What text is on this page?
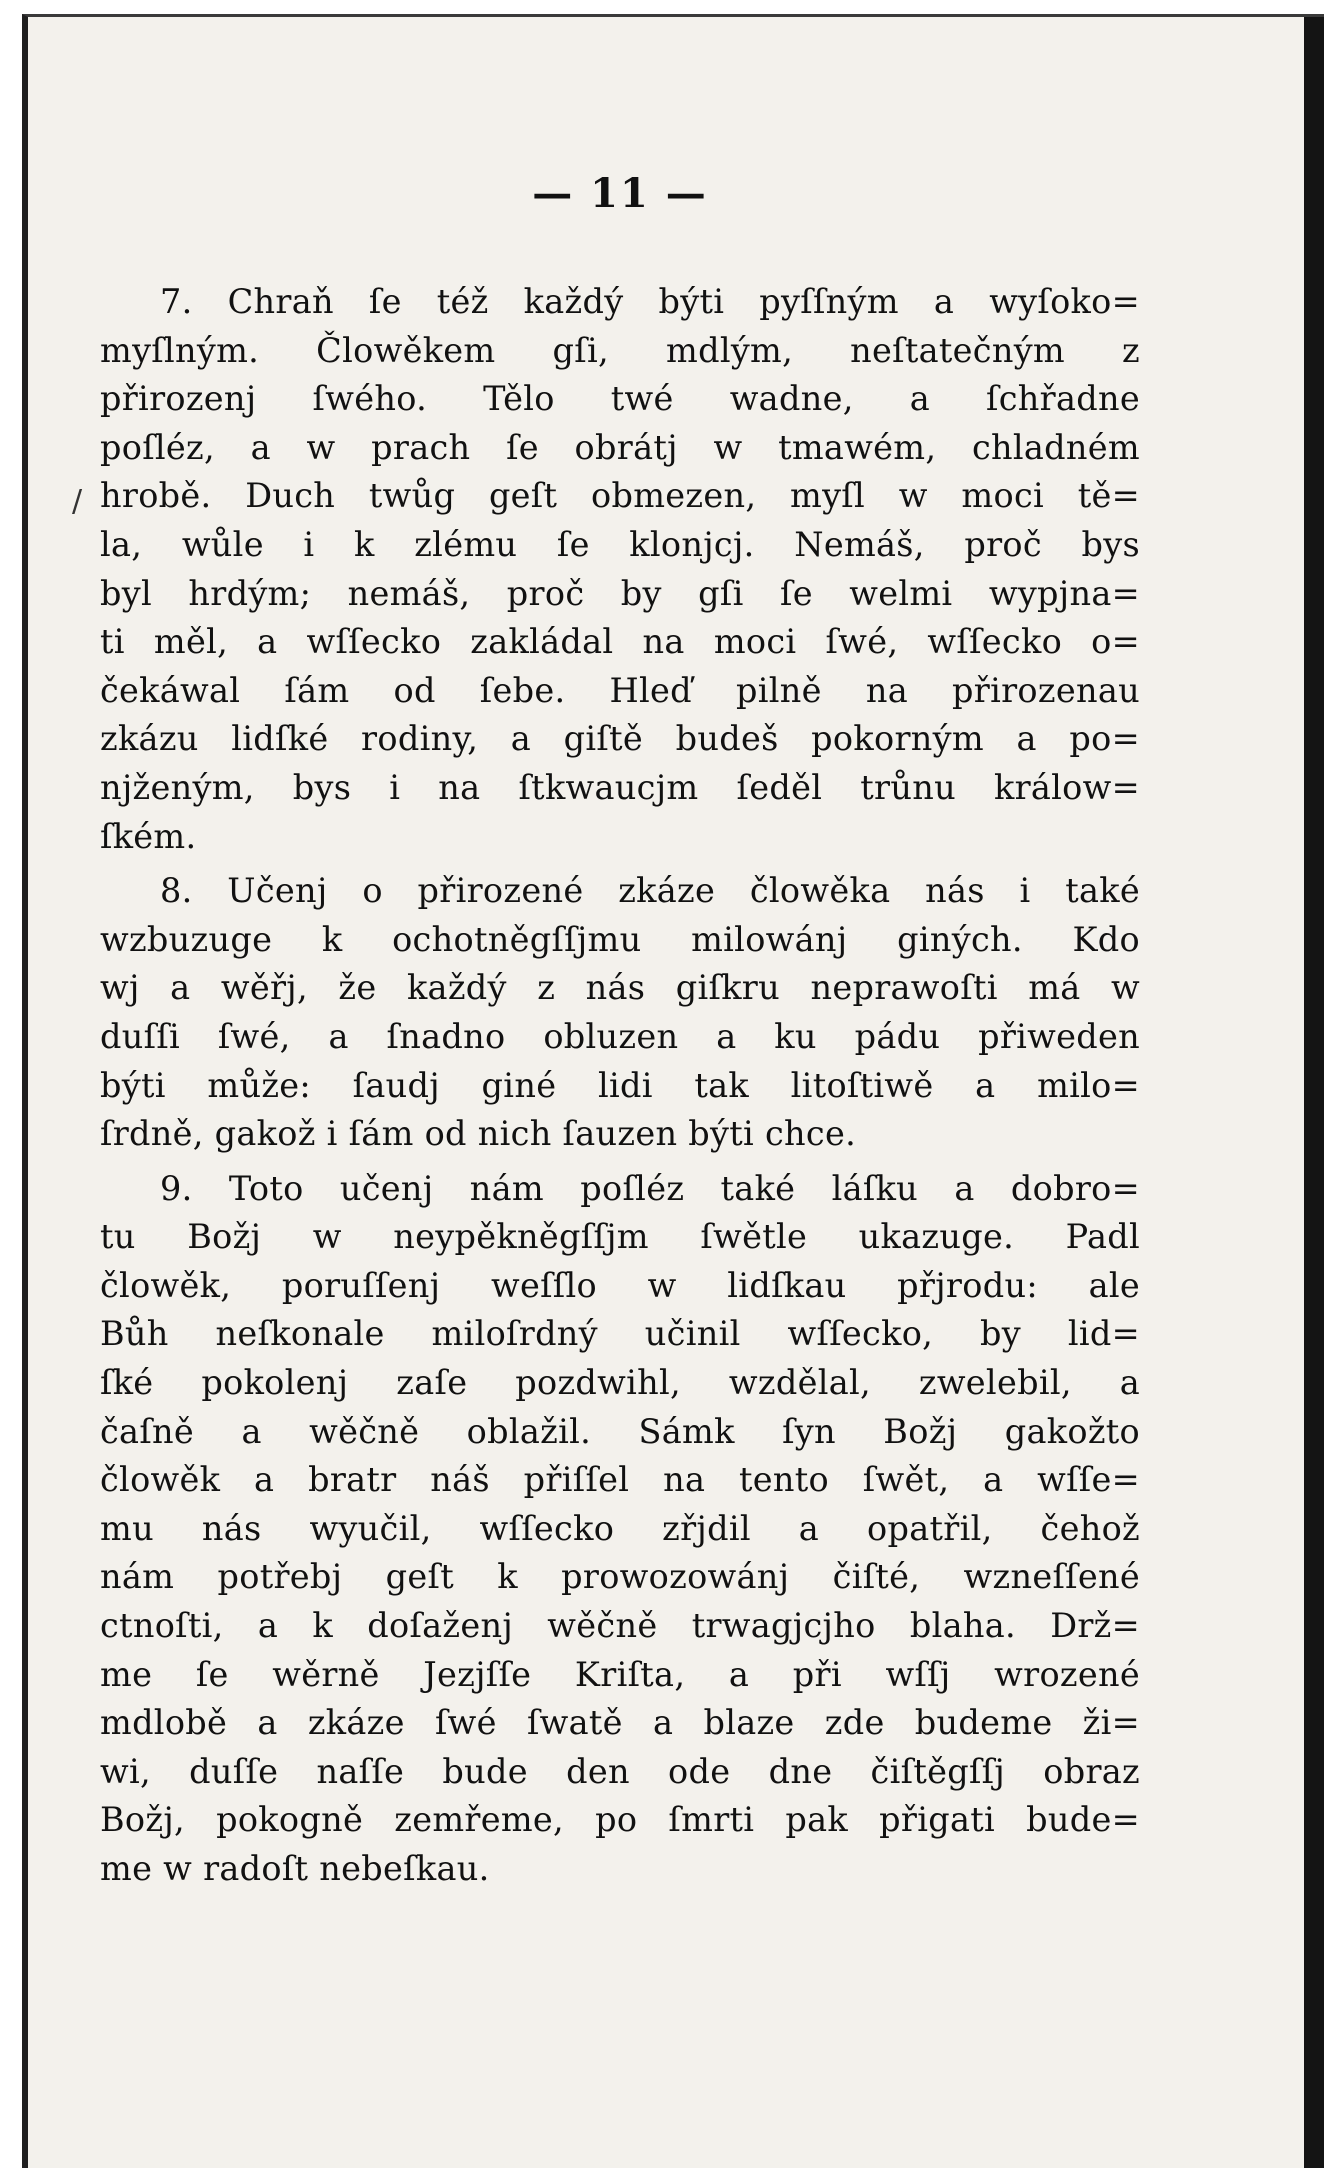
/
— 11 —
7. Chraň ſe též každý býti pyſſným a wyſoko=
myſlným. Člowěkem gſi, mdlým, neſtatečným z
přirozenj ſwého. Tělo twé wadne, a ſchřadne
poſléz, a w prach ſe obrátj w tmawém, chladném
hrobě. Duch twůg geſt obmezen, myſl w moci tě=
la, wůle i k zlému ſe klonjcj. Nemáš, proč bys
byl hrdým; nemáš, proč by gſi ſe welmi wypjna=
ti měl, a wſſecko zakládal na moci ſwé, wſſecko o=
čekáwal ſám od ſebe. Hleď pilně na přirozenau
zkázu lidſké rodiny, a giſtě budeš pokorným a po=
njženým, bys i na ſtkwaucjm ſeděl trůnu králow=
ſkém.
8. Učenj o přirozené zkáze člowěka nás i také
wzbuzuge k ochotněgſſjmu milowánj giných. Kdo
wj a wěřj, že každý z nás giſkru neprawoſti má w
duſſi ſwé, a ſnadno obluzen a ku pádu přiweden
býti může: ſaudj giné lidi tak litoſtiwě a milo=
ſrdně, gakož i ſám od nich ſauzen býti chce.
9. Toto učenj nám poſléz také láſku a dobro=
tu Božj w neypěkněgſſjm ſwětle ukazuge. Padl
člowěk, poruſſenj weſſlo w lidſkau přjrodu: ale
Bůh neſkonale miloſrdný učinil wſſecko, by lid=
ſké pokolenj zaſe pozdwihl, wzdělal, zwelebil, a
čaſně a wěčně oblažil. Sámk ſyn Božj gakožto
člowěk a bratr náš přiſſel na tento ſwět, a wſſe=
mu nás wyučil, wſſecko zřjdil a opatřil, čehož
nám potřebj geſt k prowozowánj čiſté, wzneſſené
ctnoſti, a k doſaženj wěčně trwagjcjho blaha. Drž=
me ſe wěrně Jezjſſe Kriſta, a při wſſj wrozené
mdlobě a zkáze ſwé ſwatě a blaze zde budeme ži=
wi, duſſe naſſe bude den ode dne čiſtěgſſj obraz
Božj, pokogně zemřeme, po ſmrti pak přigati bude=
me w radoſt nebeſkau.
